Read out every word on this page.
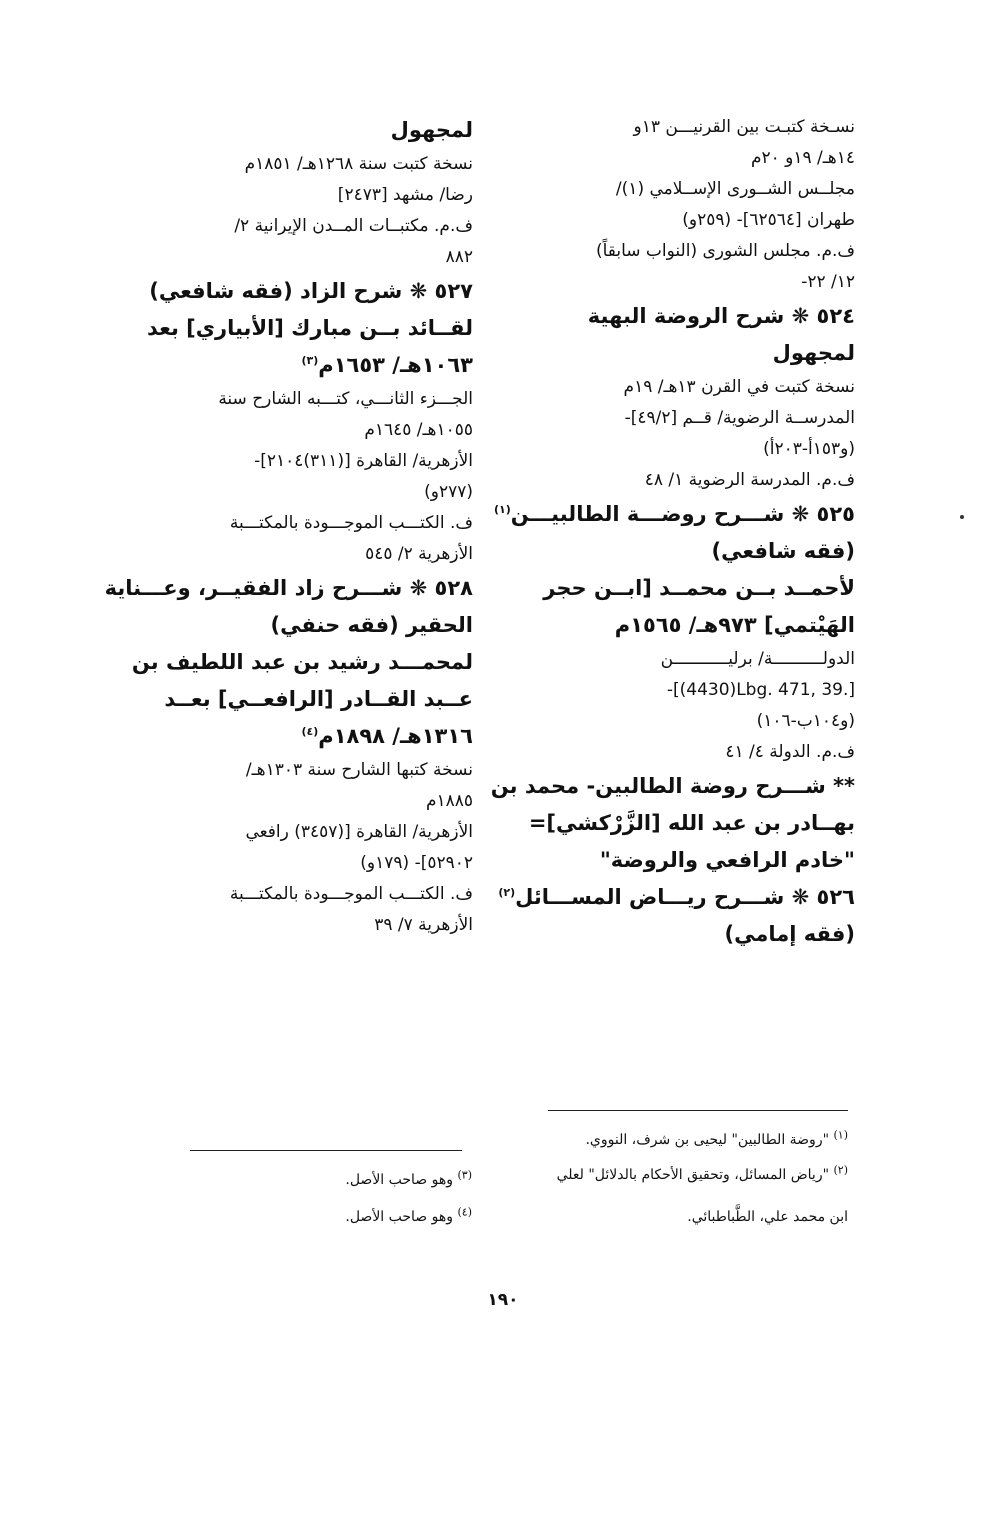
نسـخة كتبـت بين القرنيـــن ١٣و
١٤هـ/ ١٩و ٢٠م
مجلــس الشــورى الإســلامي (١)/
طهران [٦٢٥٦٤]- (٢٥٩و)
ف.م. مجلس الشورى (النواب سابقاً)
١٢/ ٢٢-
٥٢٤ ❋ شرح الروضة البهية
لمجهول
نسخة كتبت في القرن ١٣هـ/ ١٩م
المدرســة الرضوية/ قــم [٤٩/٢]-
(و١٥٣أ-٢٠٣أ)
ف.م. المدرسة الرضوية ١/ ٤٨
٥٢٥ ❋ شـــرح روضـــة الطالبيـــن$^{(١)}$
(فقه شافعي)
لأحمــد بــن محمــد [ابــن حجر
الهَيْتمي] ٩٧٣هـ/ ١٥٦٥م
الدولــــــــــة/ برليـــــــــــن
-[(4430)Lbg. 471, 39.]
(و١٠٤ب-١٠٦)
ف.م. الدولة ٤/ ٤١
** شـــرح روضة الطالبين- محمد بن
بهــادر بن عبد الله [الزَّرْكشي]=
"خادم الرافعي والروضة"
٥٢٦ ❋ شـــرح ريـــاض المســـائل$^{(٢)}$
(فقه إمامي)
لمجهول
نسخة كتبت سنة ١٢٦٨هـ/ ١٨٥١م
رضا/ مشهد [٢٤٧٣]
ف.م. مكتبــات المــدن الإيرانية ٢/
٨٨٢
٥٢٧ ❋ شرح الزاد (فقه شافعي)
لقــائد بــن مبارك [الأبياري] بعد
١٠٦٣هـ/ ١٦٥٣م$^{(٣)}$
الجـــزء الثانـــي، كتـــبه الشارح سنة
١٠٥٥هـ/ ١٦٤٥م
الأزهرية/ القاهرة [(٣١١)٢١٠٤]-
(٢٧٧و)
ف. الكتـــب الموجـــودة بالمكتـــبة
الأزهرية ٢/ ٥٤٥
٥٢٨ ❋ شـــرح زاد الفقيــر، وعـــناية
الحقير (فقه حنفي)
لمحمـــد رشيد بن عبد اللطيف بن
عــبد القــادر [الرافعــي] بعــد
١٣١٦هـ/ ١٨٩٨م$^{(٤)}$
نسخة كتبها الشارح سنة ١٣٠٣هـ/
١٨٨٥م
الأزهرية/ القاهرة [(٣٤٥٧) رافعي
٥٢٩٠٢]- (١٧٩و)
ف. الكتـــب الموجـــودة بالمكتـــبة
الأزهرية ٧/ ٣٩
$^{(١)}$ "روضة الطالبين" ليحيى بن شرف، النووي.
$^{(٢)}$ "رياض المسائل، وتحقيق الأحكام بالدلائل" لعلي
ابن محمد علي، الطَّباطبائي.
$^{(٣)}$ وهو صاحب الأصل.
$^{(٤)}$ وهو صاحب الأصل.
١٩٠
